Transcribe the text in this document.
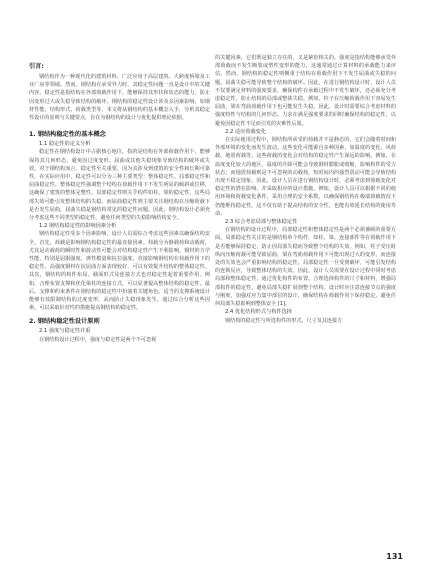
引言:

钢结构作为一种现代化的建筑材料，广泛应用于高层建筑、大跨度桥梁及工业厂房等领域。然而，钢结构在承受外力时，其稳定性问题一直是设计中的关键内容。稳定性是指结构在外部荷载作用下，能够保持其形状和状态的能力，防止因变形过大或失稳导致结构的破坏。钢结构的稳定性设计涉及多因素影响，如钢材性能、结构形式、荷载类型等。本文将从钢结构的基本概念入手，分析其稳定性设计的原则与关键要点，旨在为钢结构的设计与优化提供理论依据。

1. 钢结构稳定性的基本概念

1.1 稳定性的定义分析

稳定性在钢结构设计中占据核心地位，指的是结构在外部荷载作用下，能够保持其几何形态，避免因过度变形、屈曲或其他失稳现象导致结构的破坏或失效。对于钢结构而言，稳定性至关重要，因为其涉及到建筑的安全性和长期可靠性。在实际应用中，稳定性可以分为三种主要类型：整体稳定性、局部稳定性和屈曲稳定性。整体稳定性强调整个结构在荷载作用下不发生明显的倾斜或位移，这确保了建筑的整体完整性。局部稳定性则关乎构件如柱、梁的稳定性，这些局部失效可能引发整体结构的失稳。而屈曲稳定性则主要关注钢结构在压缩荷载下是否发生屈曲，屈曲失稳是钢结构常见的稳定性问题。因此，钢结构设计必须充分考虑这些不同类型的稳定性，避免任何类型的失稳影响结构安全。

1.2 钢结构稳定性的影响因素分析

钢结构稳定性受多个因素影响，设计人员需综合考虑这些因素以确保结构安全。首先，荷载是影响钢结构稳定性的最直接因素。荷载分为静载荷和动载荷，尤其是动载荷的瞬时性和波动性可能会对结构稳定性产生不利影响。钢材的力学性能、特别是屈服强度、弹性模量和抗拉强度，直接影响钢结构在荷载作用下的稳定性。高强度钢材在抗屈曲方面表现较好，可以有效提升结构的整体稳定性。其次，钢结构的构件布局、截面形式及连接方式也对稳定性起着重要作用。例如，合理布置支撑和优化梁柱的连接方式，可以显著提高整体结构的稳定性。最后，支撑和约束条件在钢结构的稳定性中扮演着关键角色。适当的支撑系统设计能够有效限制结构的过度变形，从而防止失稳现象发生。通过综合分析这些因素，可以采取针对性的措施提高钢结构的稳定性。

2. 钢结构稳定性设计原则

2.1 强度与稳定性并重

在钢结构设计过程中，强度与稳定性是两个不可忽视

的关键因素，它们既是独立存在的，又是紧密相关的。强度是指结构能够承受外部荷载而不发生断裂或塑性变形的能力，这通常通过计算材料的承载能力来评估。然而，钢结构的稳定性则侧重于结构在荷载作用下不发生屈曲或失稳的问题。屈曲失稳可能导致整个结构的破坏。因此，在进行钢结构设计时，设计人员不仅要满足材料的强度要求，确保构件在承载过程中不发生破坏，还必须充分考虑稳定性，防止结构的局部或整体失稳。例如，柱子在压缩荷载作用下容易发生屈曲，梁在弯曲荷载作用下也可能发生失稳。因此，设计时需要综合考虑材料的强度特性与结构的几何形态，力求在满足强度要求的同时确保结构的稳定性，以避免因稳定性不足而引发的灾难性后果。

2.2 适应荷载变化

在实际使用过程中，钢结构所承受的荷载并不是静态的，它们会随着时间和外部环境的变化而发生波动。这些变化可能源自多种因素，如温度的变化、风荷载、地震荷载等，这些荷载的变化会对结构的稳定性产生深远的影响。例如，在温度变化较大的地区，温度的升降可能会导致钢材膨胀或收缩，影响构件的受力状态；而地震荷载则是不可忽视的动载荷，短时间内的强烈震动可能会导致结构出现不稳定现象。因此，设计人员在进行钢结构设计时，必须考虑到荷载变化对稳定性的潜在影响，并采取相应的设计措施。例如，设计人员可以根据不同的使用环境和荷载变化条件，采用合理的安全系数，以确保钢结构在极端荷载情况下仍能维持稳定性。这不仅有助于提高结构的安全性，也能有效延长结构的使用寿命。

2.3 综合考虑局部与整体稳定性

在钢结构的设计过程中，局部稳定性和整体稳定性是两个必须兼顾的重要方面。局部稳定性关注的是钢结构单个构件，如柱、梁、连接部件等在荷载作用下是否能够保持稳定，防止因局部失稳而导致整个结构的失效。例如，柱子受压时纵向压缩荷载可能导致屈曲，梁在弯曲荷载作用下可能出现过大的变形，而连接处的失效也会严重影响结构的稳定性。局部稳定性一旦受到破坏，可能引发结构的连锁反应，导致整体结构的失效。因此，设计人员需要在设计过程中同时考虑局部和整体稳定性，通过优化构件的布置、合理选择构件的尺寸和材料，增强局部构件的稳定性，避免局部失稳扩展到整个结构。设计时应注意连接节点的强度与刚度，加强对应力集中部位的设计，确保结构在荷载作用下保持稳定，避免任何局部失稳影响到整体安全 [1]。

2.4 优化结构形式与构件选择

钢结构的稳定性与所选构件的形式、尺寸及其连接方

131
